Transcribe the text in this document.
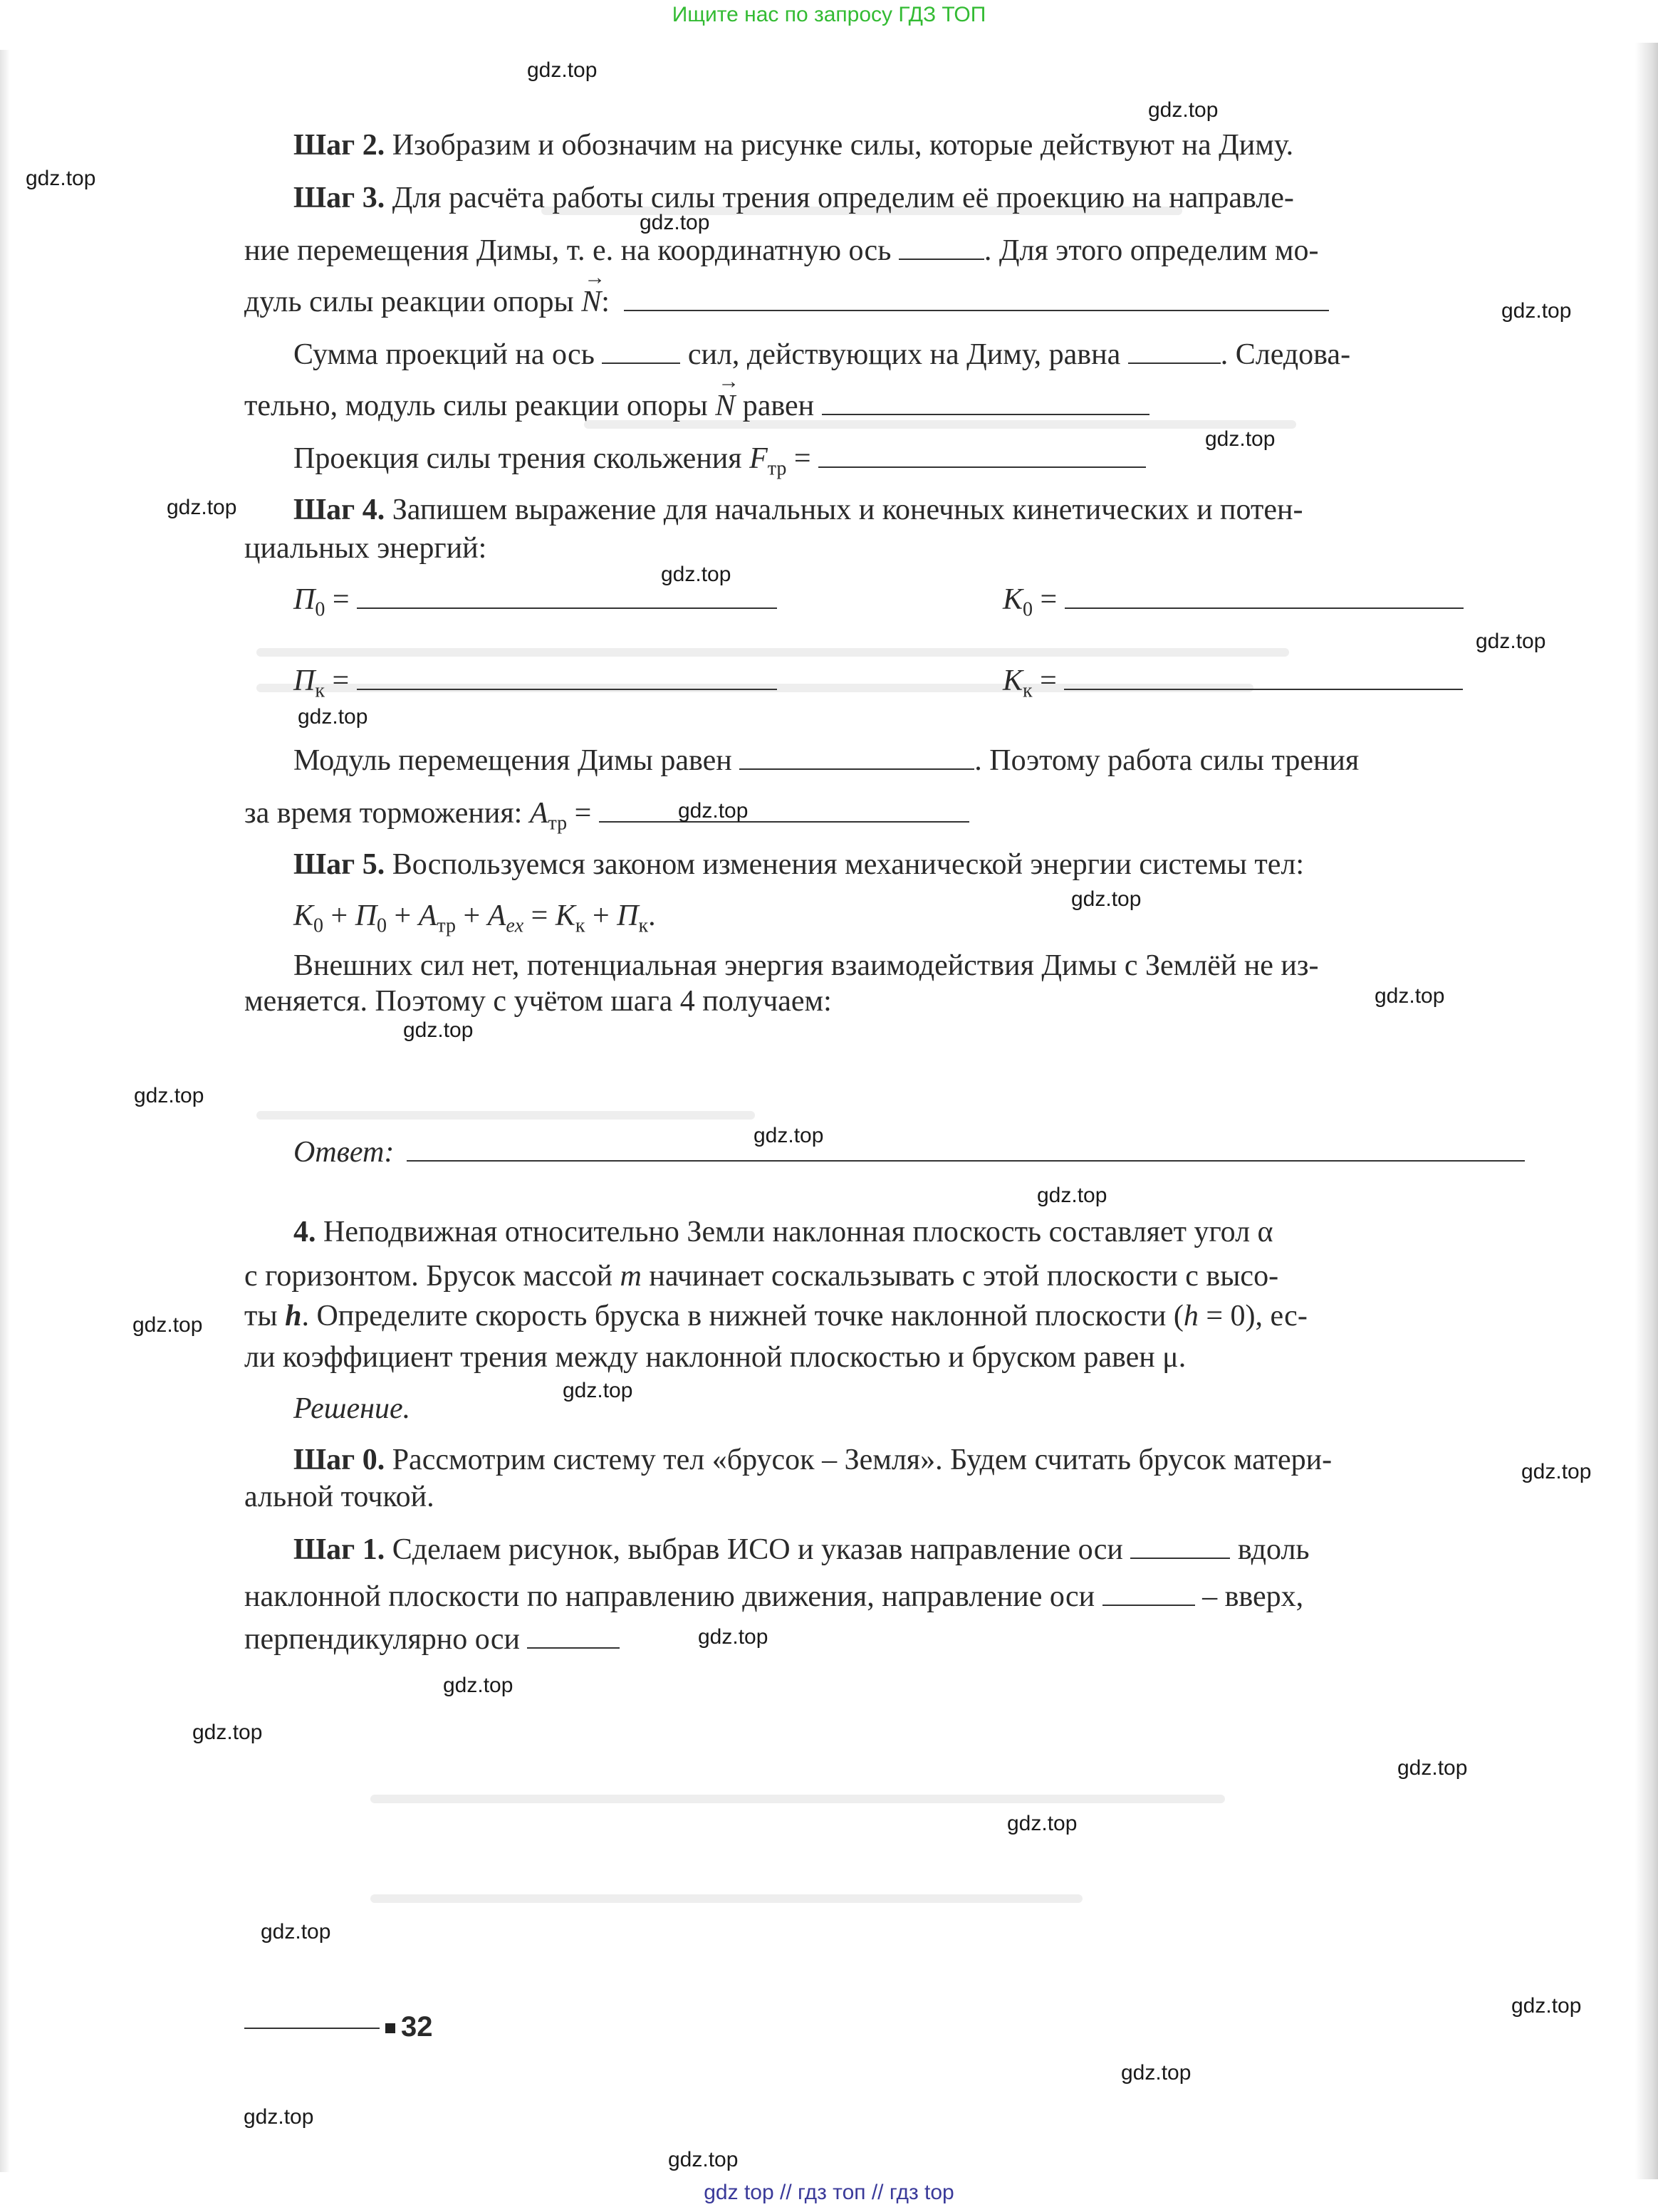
Ищите нас по запросу ГДЗ ТОП
Шаг 2. Изобразим и обозначим на рисунке силы, которые действуют на Диму.
Шаг 3. Для расчёта работы силы трения определим её проекцию на направле-
ние перемещения Димы, т. е. на координатную ось	. Для этого определим мо-
дуль силы реакции опоры → N:
Сумма проекций на ось	сил, действующих на Диму, равна	. Следова-
тельно, модуль силы реакции опоры → N равен
Проекция силы трения скольжения $F_{тр}$ =
Шаг 4. Запишем выражение для начальных и конечных кинетических и потен-
циальных энергий:
$П_0$ =	$K_0$ =
$П_к$ =	$K_к$ =
Модуль перемещения Димы равен	. Поэтому работа силы трения
за время торможения: $A_{тр}$ =
Шаг 5. Воспользуемся законом изменения механической энергии системы тел:
$K_0 + П_0 + A_{тр} + A_{ex} = K_к + П_к$.
Внешних сил нет, потенциальная энергия взаимодействия Димы с Землёй не из-
меняется. Поэтому с учётом шага 4 получаем:
Ответ:
4. Неподвижная относительно Земли наклонная плоскость составляет угол α
с горизонтом. Брусок массой m начинает соскальзывать с этой плоскости с высо-
ты h. Определите скорость бруска в нижней точке наклонной плоскости (h = 0), ес-
ли коэффициент трения между наклонной плоскостью и бруском равен μ.
Решение.
Шаг 0. Рассмотрим систему тел «брусок – Земля». Будем считать брусок матери-
альной точкой.
Шаг 1. Сделаем рисунок, выбрав ИСО и указав направление оси	вдоль
наклонной плоскости по направлению движения, направление оси	– вверх,
перпендикулярно оси
32
gdz.top
gdz.top
gdz.top
gdz.top
gdz.top
gdz.top
gdz.top
gdz.top
gdz.top
gdz.top
gdz.top
gdz.top
gdz.top
gdz.top
gdz.top
gdz.top
gdz.top
gdz.top
gdz.top
gdz.top
gdz.top
gdz.top
gdz.top
gdz.top
gdz.top
gdz.top
gdz.top
gdz.top
gdz.top
gdz.top
gdz top // гдз топ // гдз top
